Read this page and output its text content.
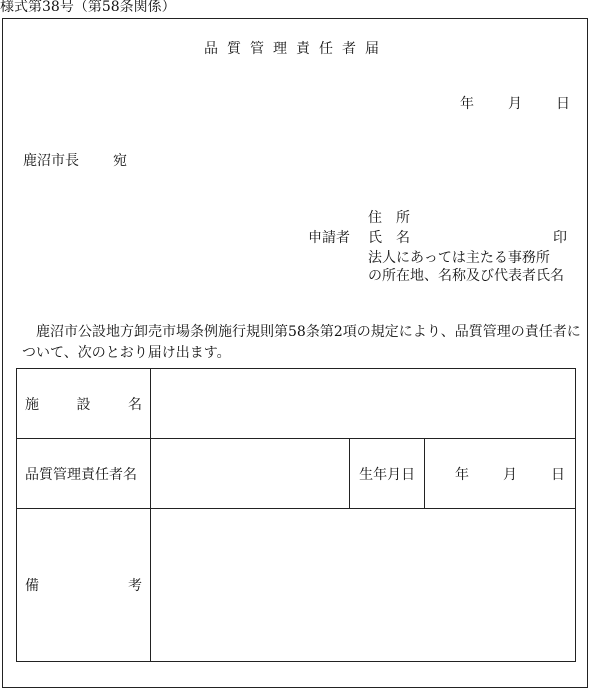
様式第38号（第58条関係）
品質管理責任者届
年 月 日
鹿沼市長 宛
申請者
住　所
氏　名	印
法人にあっては主たる事務所
の所在地、名称及び代表者氏名
鹿沼市公設地方卸売市場条例施行規則第58条第2項の規定により、品質管理の責任者について、次のとおり届け出ます。
施 設 名			

品質管理責任者名		生年月日	年 月 日

備 考			
